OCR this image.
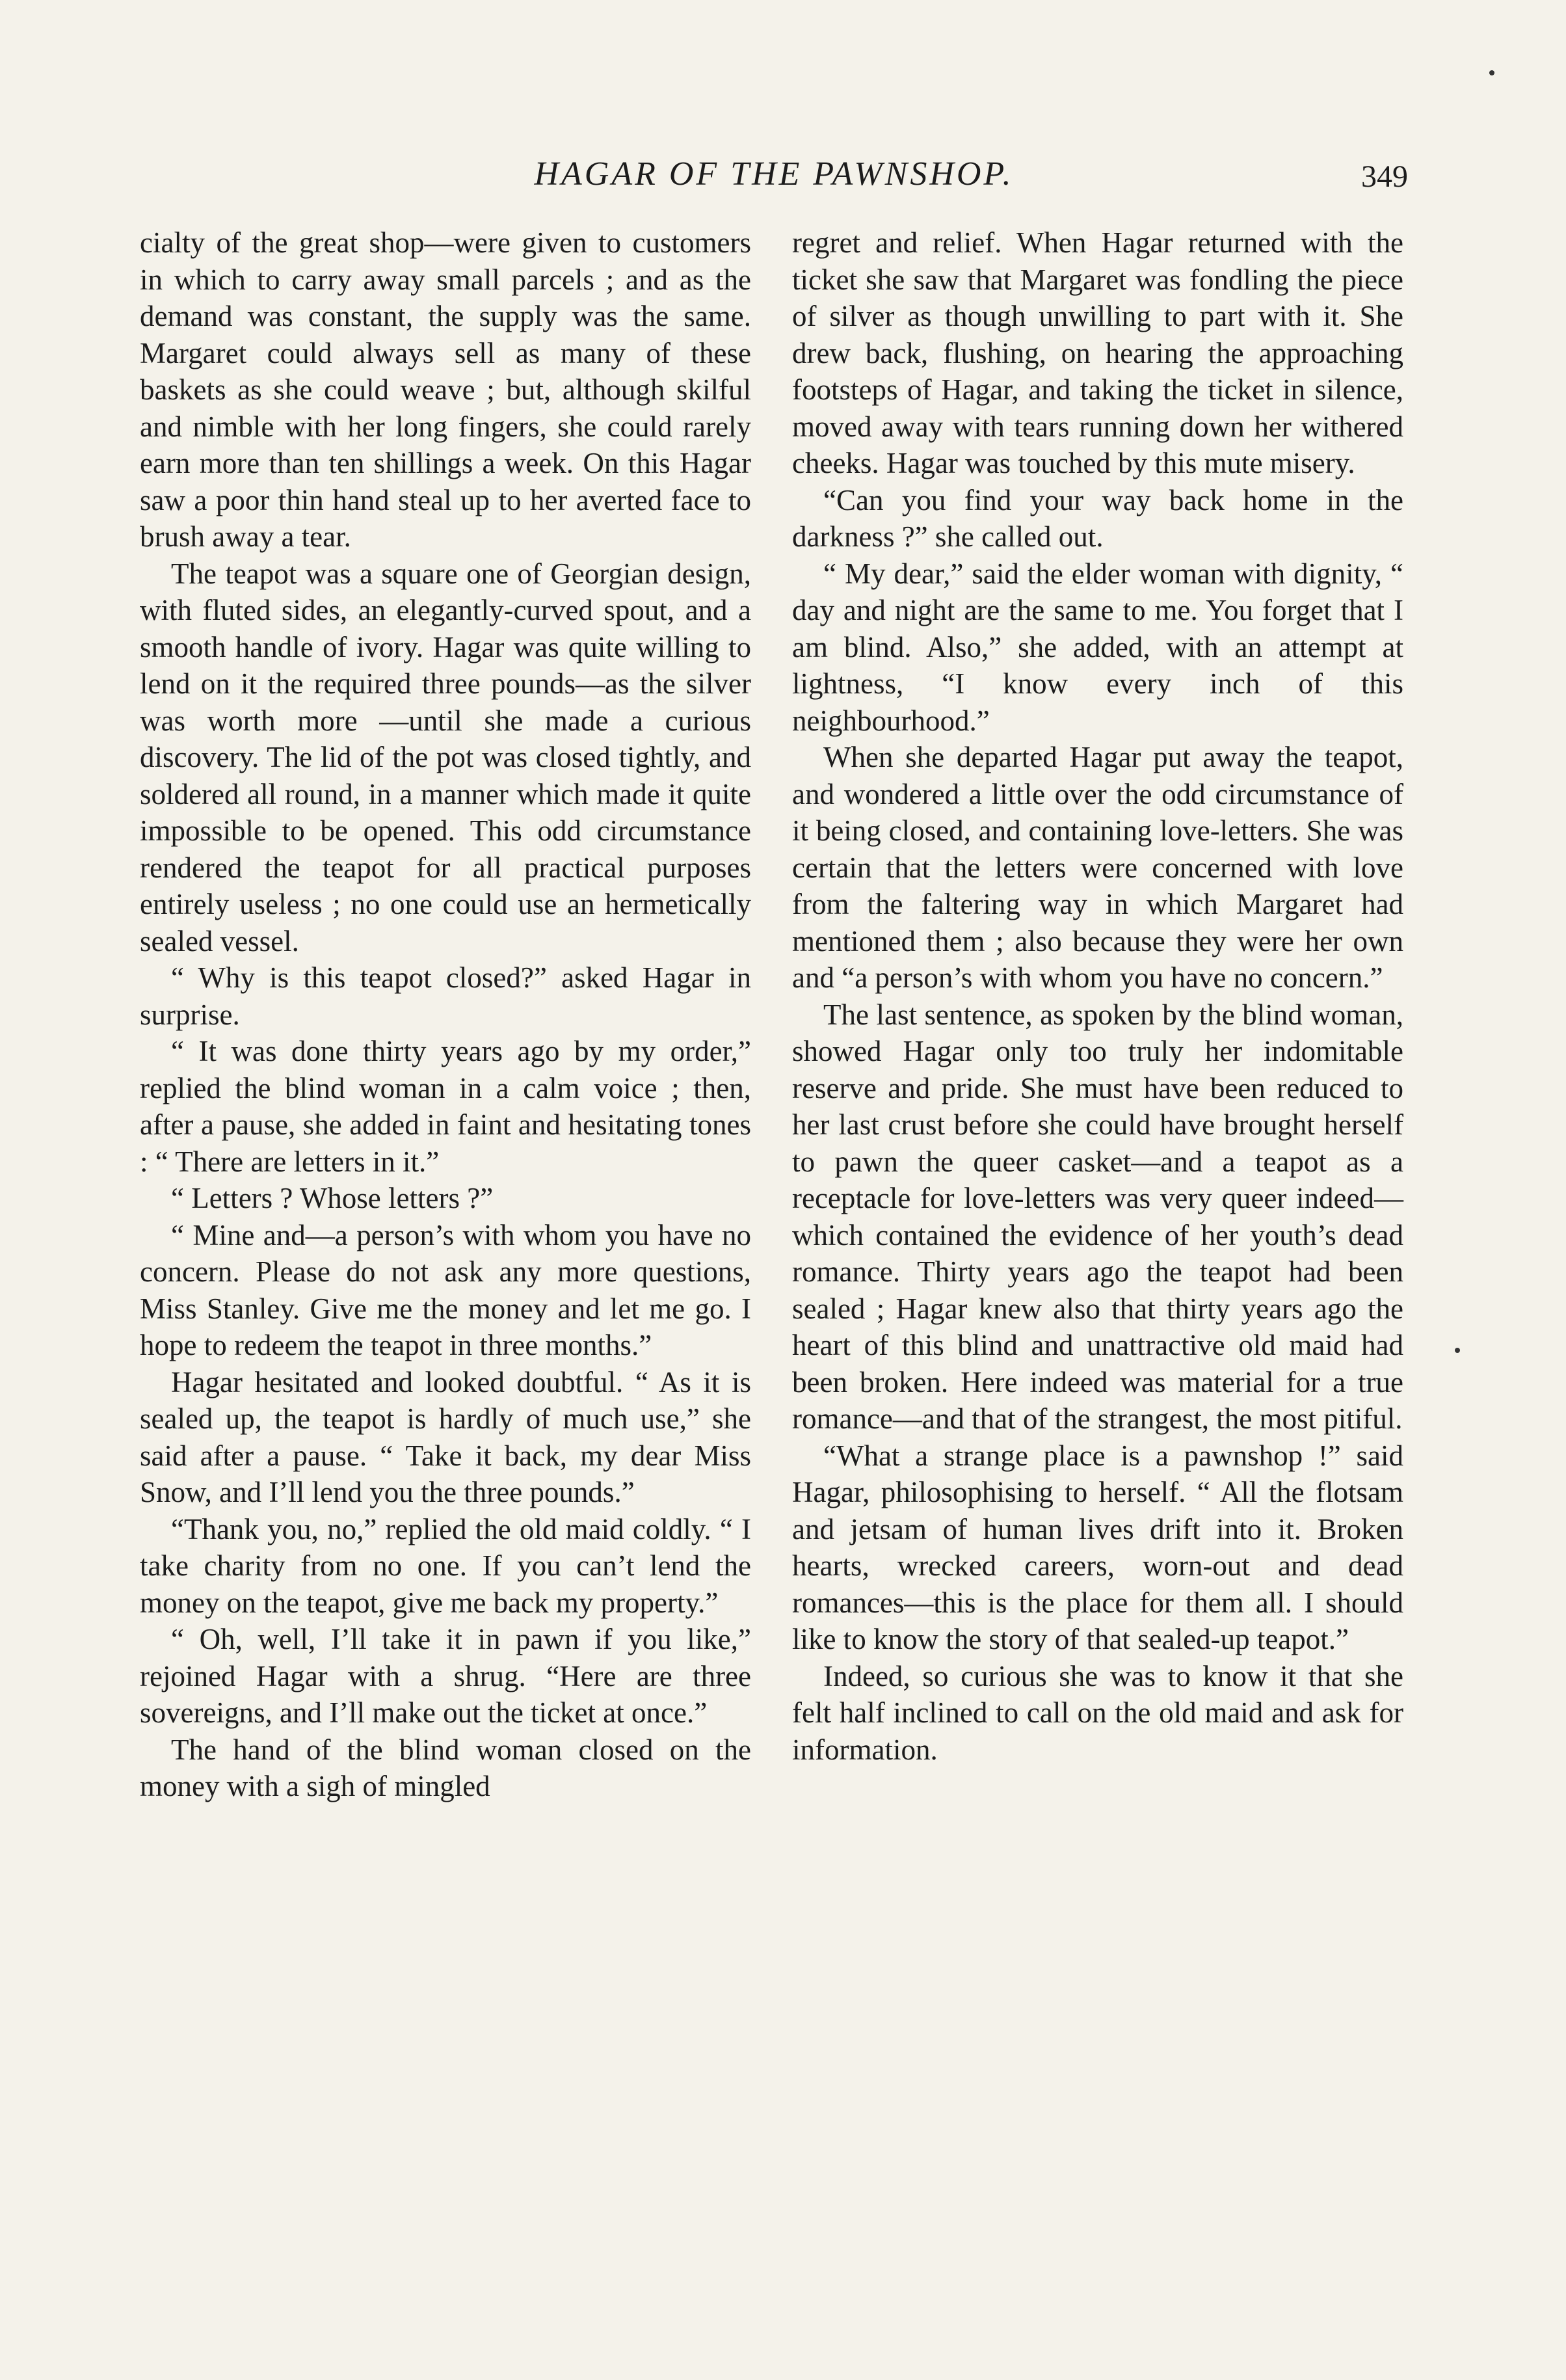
HAGAR OF THE PAWNSHOP.	349

cialty of the great shop—were given to customers in which to carry away small parcels ; and as the demand was constant, the supply was the same. Margaret could always sell as many of these baskets as she could weave ; but, although skilful and nimble with her long fingers, she could rarely earn more than ten shillings a week. On this Hagar saw a poor thin hand steal up to her averted face to brush away a tear.

The teapot was a square one of Georgian design, with fluted sides, an elegantly-curved spout, and a smooth handle of ivory. Hagar was quite willing to lend on it the required three pounds—as the silver was worth more —until she made a curious discovery. The lid of the pot was closed tightly, and soldered all round, in a manner which made it quite impossible to be opened. This odd circumstance rendered the teapot for all practical purposes entirely useless ; no one could use an hermetically sealed vessel.

“ Why is this teapot closed?” asked Hagar in surprise.

“ It was done thirty years ago by my order,” replied the blind woman in a calm voice ; then, after a pause, she added in faint and hesitating tones : “ There are letters in it.”

“ Letters ? Whose letters ?”

“ Mine and—a person’s with whom you have no concern. Please do not ask any more questions, Miss Stanley. Give me the money and let me go. I hope to redeem the teapot in three months.”

Hagar hesitated and looked doubtful. “ As it is sealed up, the teapot is hardly of much use,” she said after a pause. “ Take it back, my dear Miss Snow, and I’ll lend you the three pounds.”

“Thank you, no,” replied the old maid coldly. “ I take charity from no one. If you can’t lend the money on the teapot, give me back my property.”

“ Oh, well, I’ll take it in pawn if you like,” rejoined Hagar with a shrug. “Here are three sovereigns, and I’ll make out the ticket at once.”

The hand of the blind woman closed on the money with a sigh of mingled

regret and relief. When Hagar returned with the ticket she saw that Margaret was fondling the piece of silver as though unwilling to part with it. She drew back, flushing, on hearing the approaching footsteps of Hagar, and taking the ticket in silence, moved away with tears running down her withered cheeks. Hagar was touched by this mute misery.

“Can you find your way back home in the darkness ?” she called out.

“ My dear,” said the elder woman with dignity, “ day and night are the same to me. You forget that I am blind. Also,” she added, with an attempt at lightness, “I know every inch of this neighbourhood.”

When she departed Hagar put away the teapot, and wondered a little over the odd circumstance of it being closed, and containing love-letters. She was certain that the letters were concerned with love from the faltering way in which Margaret had mentioned them ; also because they were her own and “a person’s with whom you have no concern.”

The last sentence, as spoken by the blind woman, showed Hagar only too truly her indomitable reserve and pride. She must have been reduced to her last crust before she could have brought herself to pawn the queer casket—and a teapot as a receptacle for love-letters was very queer indeed—which contained the evidence of her youth’s dead romance. Thirty years ago the teapot had been sealed ; Hagar knew also that thirty years ago the heart of this blind and unattractive old maid had been broken. Here indeed was material for a true romance—and that of the strangest, the most pitiful.

“What a strange place is a pawnshop !” said Hagar, philosophising to herself. “ All the flotsam and jetsam of human lives drift into it. Broken hearts, wrecked careers, worn-out and dead romances—this is the place for them all. I should like to know the story of that sealed-up teapot.”

Indeed, so curious she was to know it that she felt half inclined to call on the old maid and ask for information.
